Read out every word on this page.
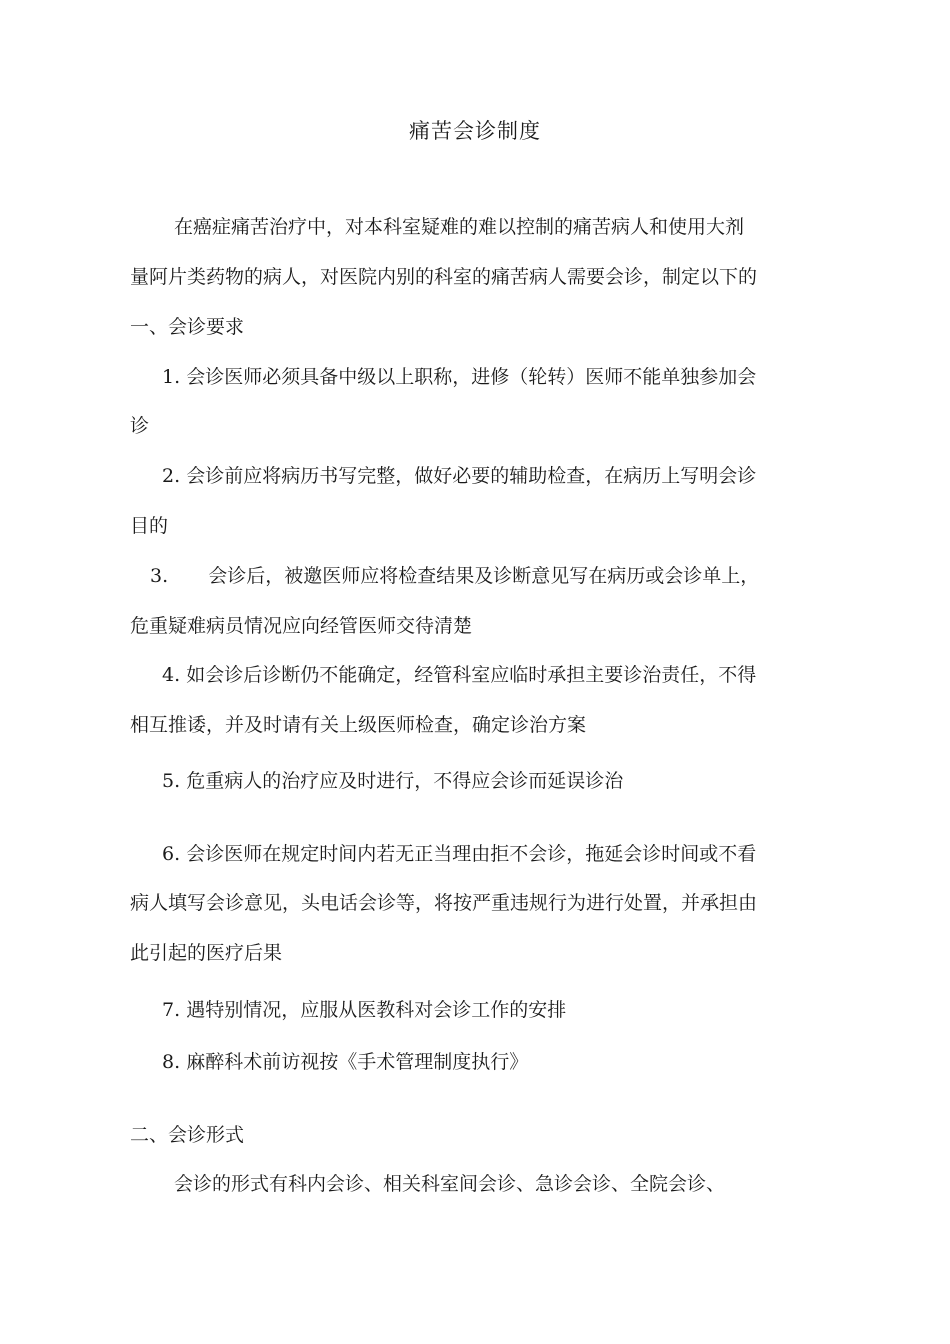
痛苦会诊制度
在癌症痛苦治疗中，对本科室疑难的难以控制的痛苦病人和使用大剂
量阿片类药物的病人，对医院内别的科室的痛苦病人需要会诊，制定以下的
一、会诊要求
1. 会诊医师必须具备中级以上职称，进修（轮转）医师不能单独参加会
诊
2. 会诊前应将病历书写完整，做好必要的辅助检查，在病历上写明会诊
目的
3. 会诊后，被邀医师应将检查结果及诊断意见写在病历或会诊单上，
危重疑难病员情况应向经管医师交待清楚
4. 如会诊后诊断仍不能确定，经管科室应临时承担主要诊治责任，不得
相互推诿，并及时请有关上级医师检查，确定诊治方案
5. 危重病人的治疗应及时进行，不得应会诊而延误诊治
6. 会诊医师在规定时间内若无正当理由拒不会诊，拖延会诊时间或不看
病人填写会诊意见，头电话会诊等，将按严重违规行为进行处置，并承担由
此引起的医疗后果
7. 遇特别情况，应服从医教科对会诊工作的安排
8. 麻醉科术前访视按《手术管理制度执行》
二、会诊形式
会诊的形式有科内会诊、相关科室间会诊、急诊会诊、全院会诊、
